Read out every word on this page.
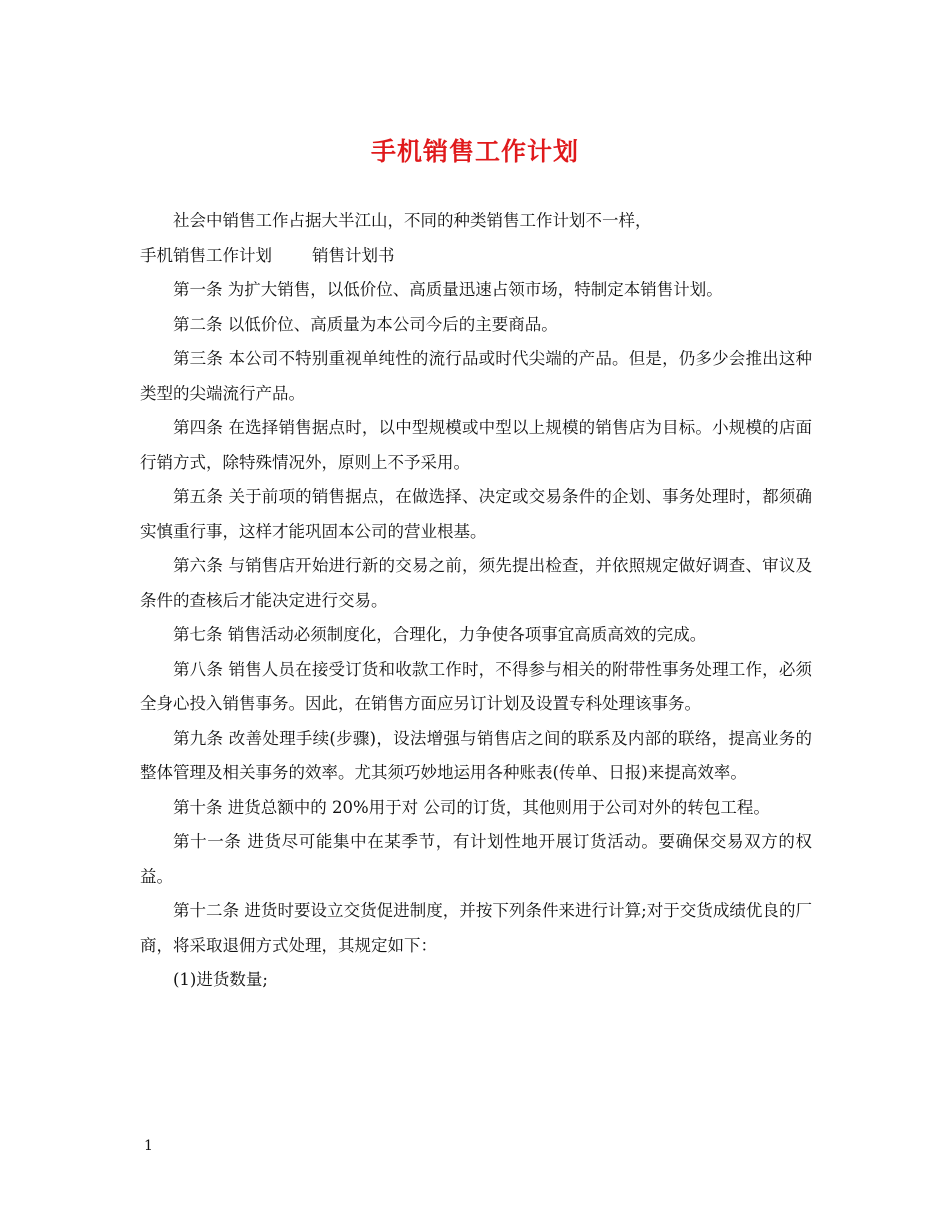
手机销售工作计划

社会中销售工作占据大半江山，不同的种类销售工作计划不一样，

手机销售工作计划 销售计划书

第一条 为扩大销售，以低价位、高质量迅速占领市场，特制定本销售计划。

第二条 以低价位、高质量为本公司今后的主要商品。

第三条 本公司不特别重视单纯性的流行品或时代尖端的产品。但是，仍多少会推出这种类型的尖端流行产品。

第四条 在选择销售据点时，以中型规模或中型以上规模的销售店为目标。小规模的店面行销方式，除特殊情况外，原则上不予采用。

第五条 关于前项的销售据点，在做选择、决定或交易条件的企划、事务处理时，都须确实慎重行事，这样才能巩固本公司的营业根基。

第六条 与销售店开始进行新的交易之前，须先提出检查，并依照规定做好调查、审议及条件的查核后才能决定进行交易。

第七条 销售活动必须制度化，合理化，力争使各项事宜高质高效的完成。

第八条 销售人员在接受订货和收款工作时，不得参与相关的附带性事务处理工作，必须全身心投入销售事务。因此，在销售方面应另订计划及设置专科处理该事务。

第九条 改善处理手续(步骤)，设法增强与销售店之间的联系及内部的联络，提高业务的整体管理及相关事务的效率。尤其须巧妙地运用各种账表(传单、日报)来提高效率。

第十条 进货总额中的 20%用于对 公司的订货，其他则用于公司对外的转包工程。

第十一条 进货尽可能集中在某季节，有计划性地开展订货活动。要确保交易双方的权益。

第十二条 进货时要设立交货促进制度，并按下列条件来进行计算;对于交货成绩优良的厂商，将采取退佣方式处理，其规定如下：

(1)进货数量;

1
